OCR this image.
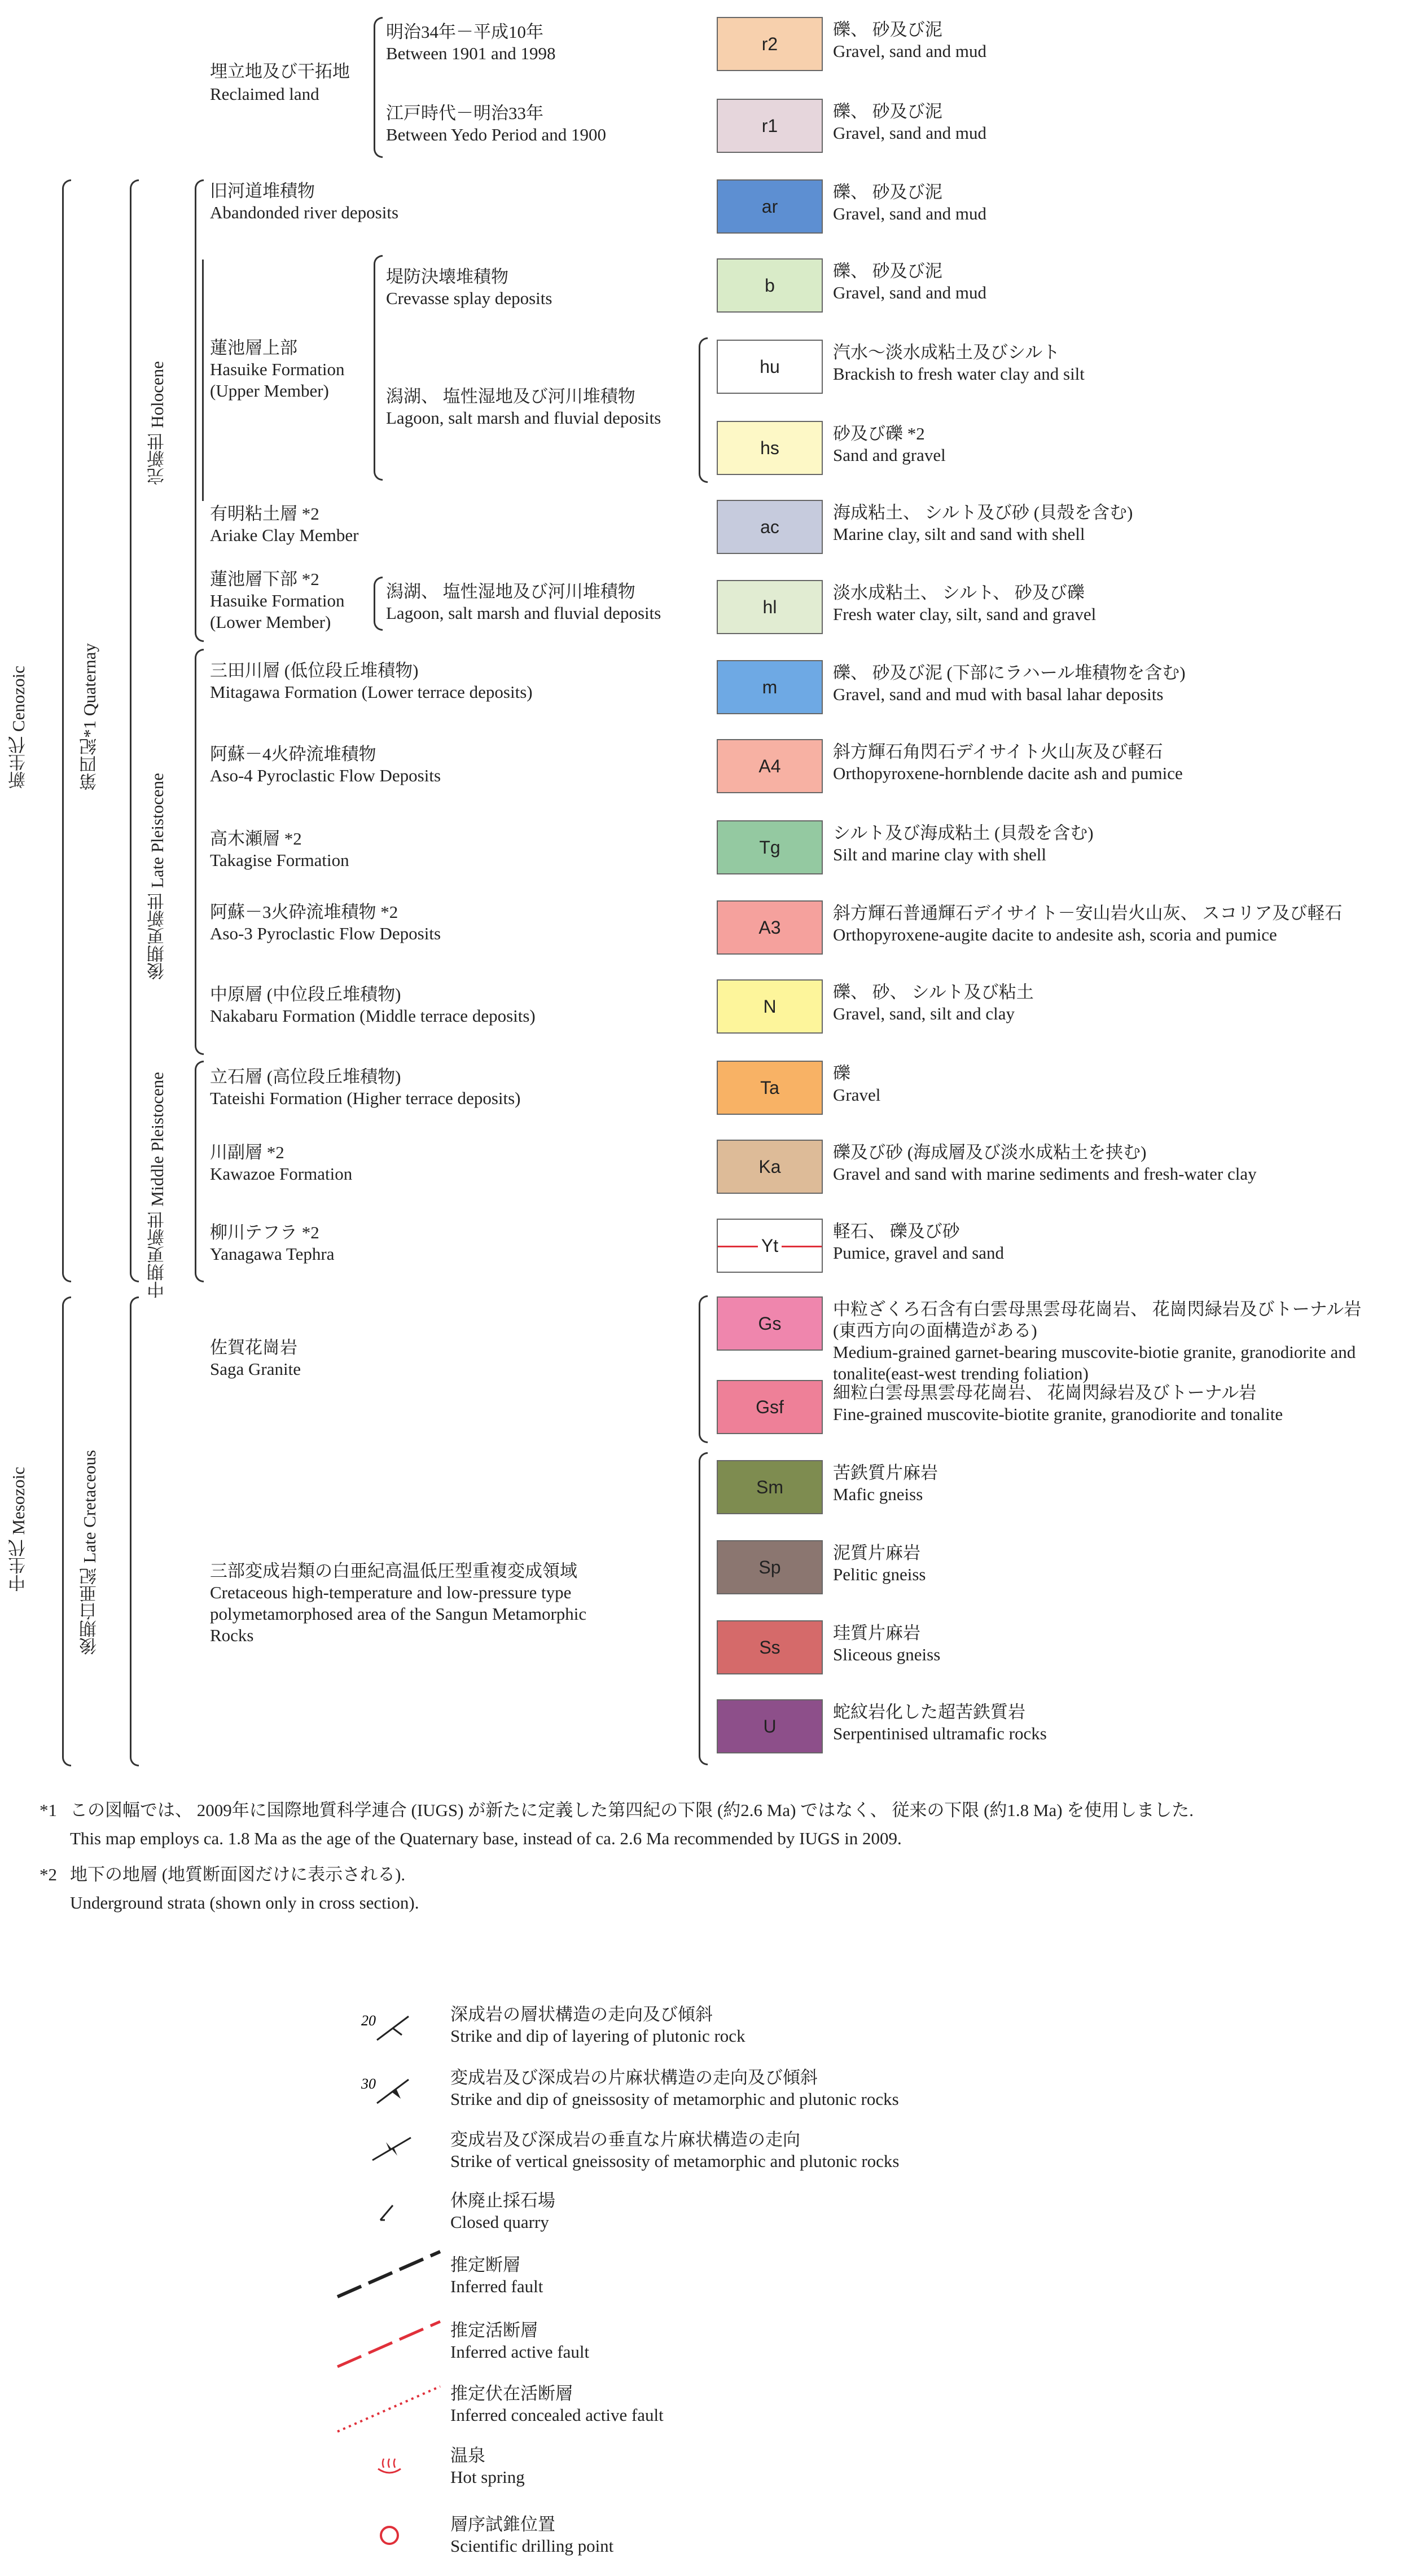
新生代 Cenozoic	第四紀*1 Quaternay
完新世 Holocene
後期更新世 Late Pleistocene
中期更新世 Middle Pleistocene
中生代 Mesozoic	後期白亜紀 Late Cretaceous
埋立地及び干拓地
Reclaimed land
明治34年－平成10年
Between 1901 and 1998
江戸時代－明治33年
Between Yedo Period and 1900
旧河道堆積物
Abandonded river deposits
蓮池層上部
Hasuike Formation
(Upper Member)
堤防決壊堆積物
Crevasse splay deposits
潟湖、 塩性湿地及び河川堆積物
Lagoon, salt marsh and fluvial deposits
有明粘土層 *2
Ariake Clay Member
蓮池層下部 *2
Hasuike Formation
(Lower Member)
潟湖、 塩性湿地及び河川堆積物
Lagoon, salt marsh and fluvial deposits
三田川層 (低位段丘堆積物)
Mitagawa Formation (Lower terrace deposits)
阿蘇－4火砕流堆積物
Aso-4 Pyroclastic Flow Deposits
高木瀬層 *2
Takagise Formation
阿蘇－3火砕流堆積物 *2
Aso-3 Pyroclastic Flow Deposits
中原層 (中位段丘堆積物)
Nakabaru Formation (Middle terrace deposits)
立石層 (高位段丘堆積物)
Tateishi Formation (Higher terrace deposits)
川副層 *2
Kawazoe Formation
柳川テフラ *2
Yanagawa Tephra
佐賀花崗岩
Saga Granite
三部変成岩類の白亜紀高温低圧型重複変成領域
Cretaceous high-temperature and low-pressure type
polymetamorphosed area of the Sangun Metamorphic
Rocks
r2
礫、 砂及び泥
Gravel, sand and mud
r1
礫、 砂及び泥
Gravel, sand and mud
ar
礫、 砂及び泥
Gravel, sand and mud
b
礫、 砂及び泥
Gravel, sand and mud
hu
汽水～淡水成粘土及びシルト
Brackish to fresh water clay and silt
hs
砂及び礫 *2
Sand and gravel
ac
海成粘土、 シルト及び砂 (貝殻を含む)
Marine clay, silt and sand with shell
hl
淡水成粘土、 シルト、 砂及び礫
Fresh water clay, silt, sand and gravel
m
礫、 砂及び泥 (下部にラハール堆積物を含む)
Gravel, sand and mud with basal lahar deposits
A4
斜方輝石角閃石デイサイト火山灰及び軽石
Orthopyroxene-hornblende dacite ash and pumice
Tg
シルト及び海成粘土 (貝殻を含む)
Silt and marine clay with shell
A3
斜方輝石普通輝石デイサイト－安山岩火山灰、 スコリア及び軽石
Orthopyroxene-augite dacite to andesite ash, scoria and pumice
N
礫、 砂、 シルト及び粘土
Gravel, sand, silt and clay
Ta
礫
Gravel
Ka
礫及び砂 (海成層及び淡水成粘土を挟む)
Gravel and sand with marine sediments and fresh-water clay
Yt
軽石、 礫及び砂
Pumice, gravel and sand
Gs
中粒ざくろ石含有白雲母黒雲母花崗岩、 花崗閃緑岩及びトーナル岩
(東西方向の面構造がある)
Medium-grained garnet-bearing muscovite-biotie granite, granodiorite and
tonalite(east-west trending foliation)
Gsf
細粒白雲母黒雲母花崗岩、 花崗閃緑岩及びトーナル岩
Fine-grained muscovite-biotite granite, granodiorite and tonalite
Sm
苦鉄質片麻岩
Mafic gneiss
Sp
泥質片麻岩
Pelitic gneiss
Ss
珪質片麻岩
Sliceous gneiss
U
蛇紋岩化した超苦鉄質岩
Serpentinised ultramafic rocks
*1 この図幅では、 2009年に国際地質科学連合 (IUGS) が新たに定義した第四紀の下限 (約2.6 Ma) ではなく、 従来の下限 (約1.8 Ma) を使用しました.
This map employs ca. 1.8 Ma as the age of the Quaternary base, instead of ca. 2.6 Ma recommended by IUGS in 2009.
*2 地下の地層 (地質断面図だけに表示される).
Underground strata (shown only in cross section).
20
30
深成岩の層状構造の走向及び傾斜
Strike and dip of layering of plutonic rock
変成岩及び深成岩の片麻状構造の走向及び傾斜
Strike and dip of gneissosity of metamorphic and plutonic rocks
変成岩及び深成岩の垂直な片麻状構造の走向
Strike of vertical gneissosity of metamorphic and plutonic rocks
休廃止採石場
Closed quarry
推定断層
Inferred fault
推定活断層
Inferred active fault
推定伏在活断層
Inferred concealed active fault
温泉
Hot spring
層序試錐位置
Scientific drilling point
